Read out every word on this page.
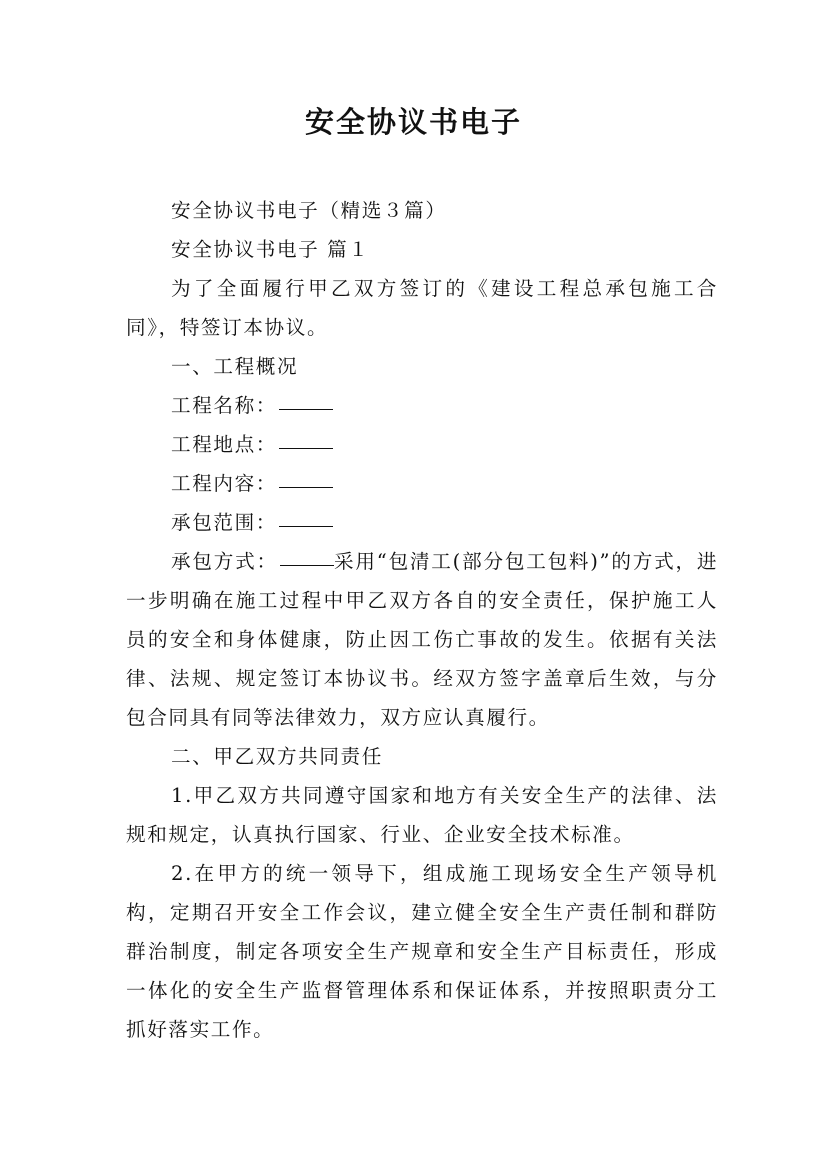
安全协议书电子

安全协议书电子（精选３篇）

安全协议书电子 篇１

为了全面履行甲乙双方签订的《建设工程总承包施工合同》，特签订本协议。

一、工程概况

工程名称：

工程地点：

工程内容：

承包范围：

承包方式：	采用“包清工(部分包工包料)”的方式，进一步明确在施工过程中甲乙双方各自的安全责任，保护施工人员的安全和身体健康，防止因工伤亡事故的发生。依据有关法律、法规、规定签订本协议书。经双方签字盖章后生效，与分包合同具有同等法律效力，双方应认真履行。

二、甲乙双方共同责任

1.甲乙双方共同遵守国家和地方有关安全生产的法律、法规和规定，认真执行国家、行业、企业安全技术标准。

2.在甲方的统一领导下，组成施工现场安全生产领导机构，定期召开安全工作会议，建立健全安全生产责任制和群防群治制度，制定各项安全生产规章和安全生产目标责任，形成一体化的安全生产监督管理体系和保证体系，并按照职责分工抓好落实工作。
